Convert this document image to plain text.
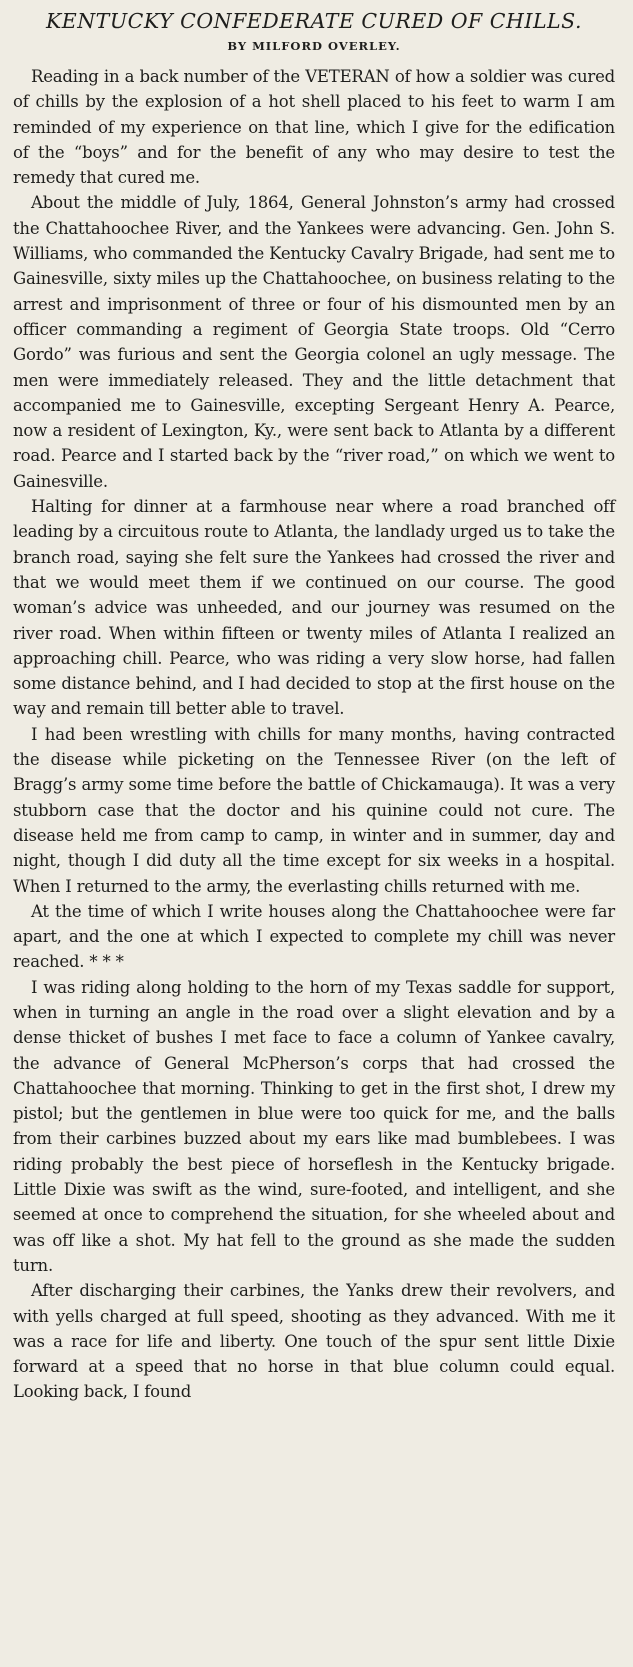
KENTUCKY CONFEDERATE CURED OF CHILLS.
BY MILFORD OVERLEY.

Reading in a back number of the VETERAN of how a soldier was cured of chills by the explosion of a hot shell placed to his feet to warm I am reminded of my experience on that line, which I give for the edification of the “boys” and for the benefit of any who may desire to test the remedy that cured me.

About the middle of July, 1864, General Johnston’s army had crossed the Chattahoochee River, and the Yankees were advancing. Gen. John S. Williams, who commanded the Kentucky Cavalry Brigade, had sent me to Gainesville, sixty miles up the Chattahoochee, on business relating to the arrest and imprisonment of three or four of his dismounted men by an officer commanding a regiment of Georgia State troops. Old “Cerro Gordo” was furious and sent the Georgia colonel an ugly message. The men were immediately released. They and the little detachment that accompanied me to Gainesville, excepting Sergeant Henry A. Pearce, now a resident of Lexington, Ky., were sent back to Atlanta by a different road. Pearce and I started back by the “river road,” on which we went to Gainesville.

Halting for dinner at a farmhouse near where a road branched off leading by a circuitous route to Atlanta, the landlady urged us to take the branch road, saying she felt sure the Yankees had crossed the river and that we would meet them if we continued on our course. The good woman’s advice was unheeded, and our journey was resumed on the river road. When within fifteen or twenty miles of Atlanta I realized an approaching chill. Pearce, who was riding a very slow horse, had fallen some distance behind, and I had decided to stop at the first house on the way and remain till better able to travel.

I had been wrestling with chills for many months, having contracted the disease while picketing on the Tennessee River (on the left of Bragg’s army some time before the battle of Chickamauga). It was a very stubborn case that the doctor and his quinine could not cure. The disease held me from camp to camp, in winter and in summer, day and night, though I did duty all the time except for six weeks in a hospital. When I returned to the army, the everlasting chills returned with me.

At the time of which I write houses along the Chattahoochee were far apart, and the one at which I expected to complete my chill was never reached. * * *

I was riding along holding to the horn of my Texas saddle for support, when in turning an angle in the road over a slight elevation and by a dense thicket of bushes I met face to face a column of Yankee cavalry, the advance of General McPherson’s corps that had crossed the Chattahoochee that morning. Thinking to get in the first shot, I drew my pistol; but the gentlemen in blue were too quick for me, and the balls from their carbines buzzed about my ears like mad bumblebees. I was riding probably the best piece of horseflesh in the Kentucky brigade. Little Dixie was swift as the wind, sure-footed, and intelligent, and she seemed at once to comprehend the situation, for she wheeled about and was off like a shot. My hat fell to the ground as she made the sudden turn.

After discharging their carbines, the Yanks drew their revolvers, and with yells charged at full speed, shooting as they advanced. With me it was a race for life and liberty. One touch of the spur sent little Dixie forward at a speed that no horse in that blue column could equal. Looking back, I found
